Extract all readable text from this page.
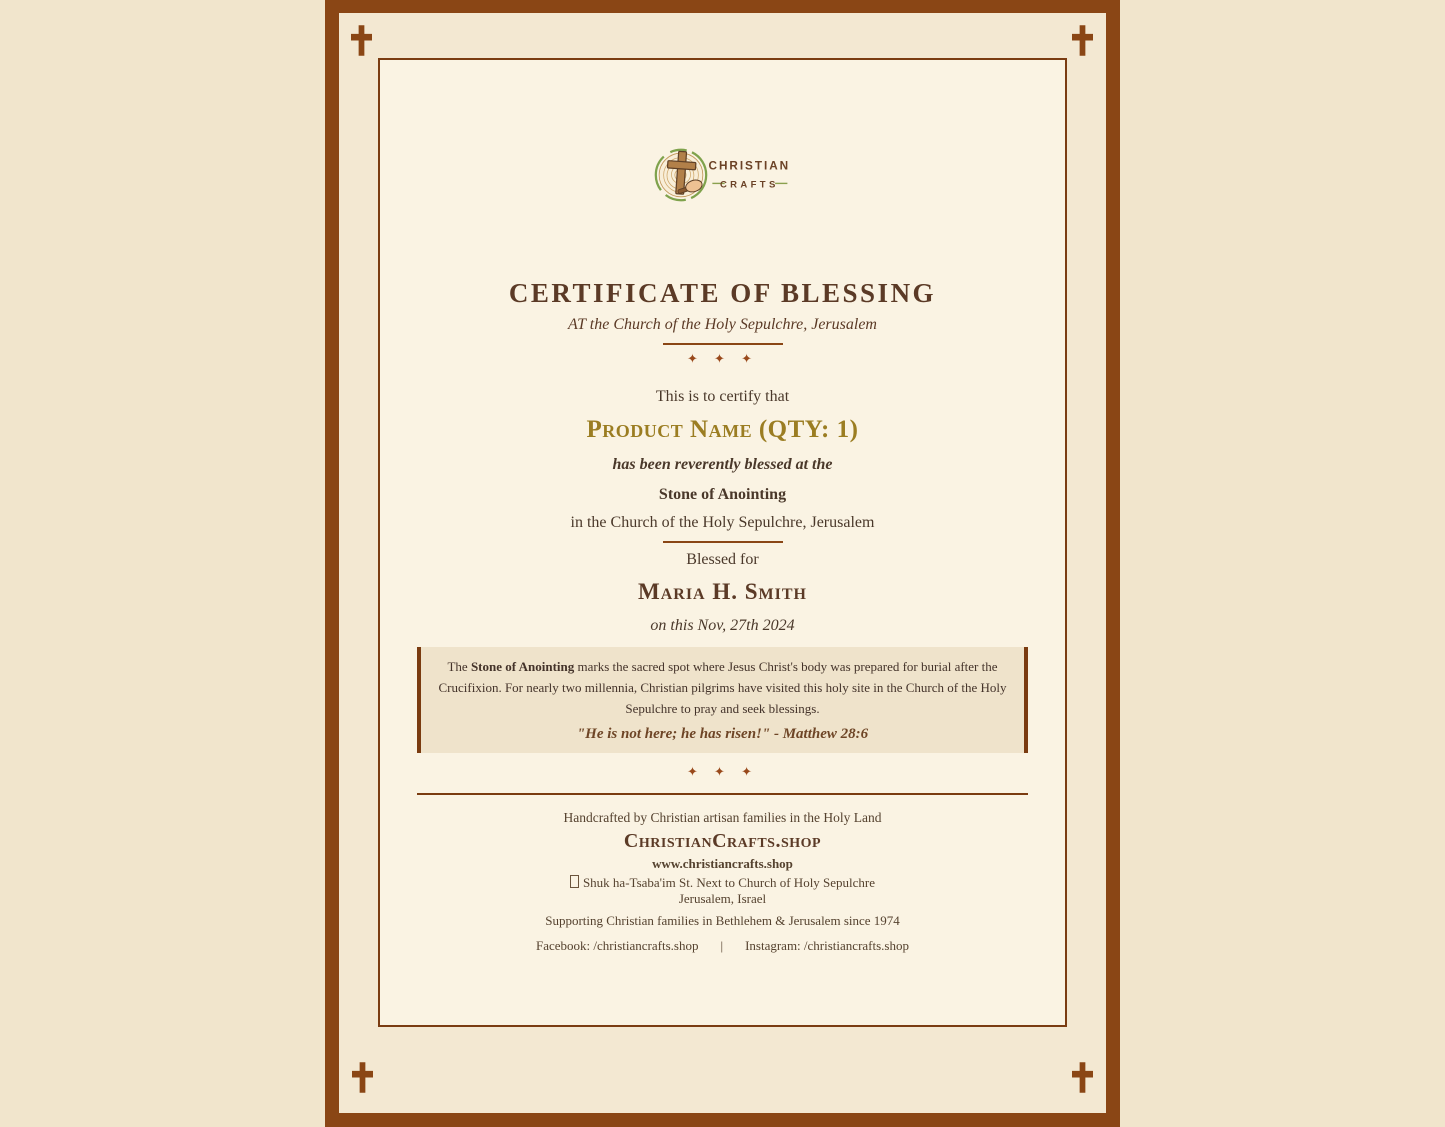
CHRISTIAN
CRAFTS
CERTIFICATE OF BLESSING
AT the Church of the Holy Sepulchre, Jerusalem
✦ ✦ ✦
This is to certify that
Product Name (QTY: 1)
has been reverently blessed at the
Stone of Anointing
in the Church of the Holy Sepulchre, Jerusalem
Blessed for
Maria H. Smith
on this Nov, 27th 2024
The Stone of Anointing marks the sacred spot where Jesus Christ's body was prepared for burial after the Crucifixion. For nearly two millennia, Christian pilgrims have visited this holy site in the Church of the Holy Sepulchre to pray and seek blessings.
"He is not here; he has risen!" - Matthew 28:6
✦ ✦ ✦
Handcrafted by Christian artisan families in the Holy Land
ChristianCrafts.shop
www.christiancrafts.shop
Shuk ha-Tsaba'im St. Next to Church of Holy Sepulchre
Jerusalem, Israel
Supporting Christian families in Bethlehem & Jerusalem since 1974
Facebook: /christiancrafts.shop | Instagram: /christiancrafts.shop
